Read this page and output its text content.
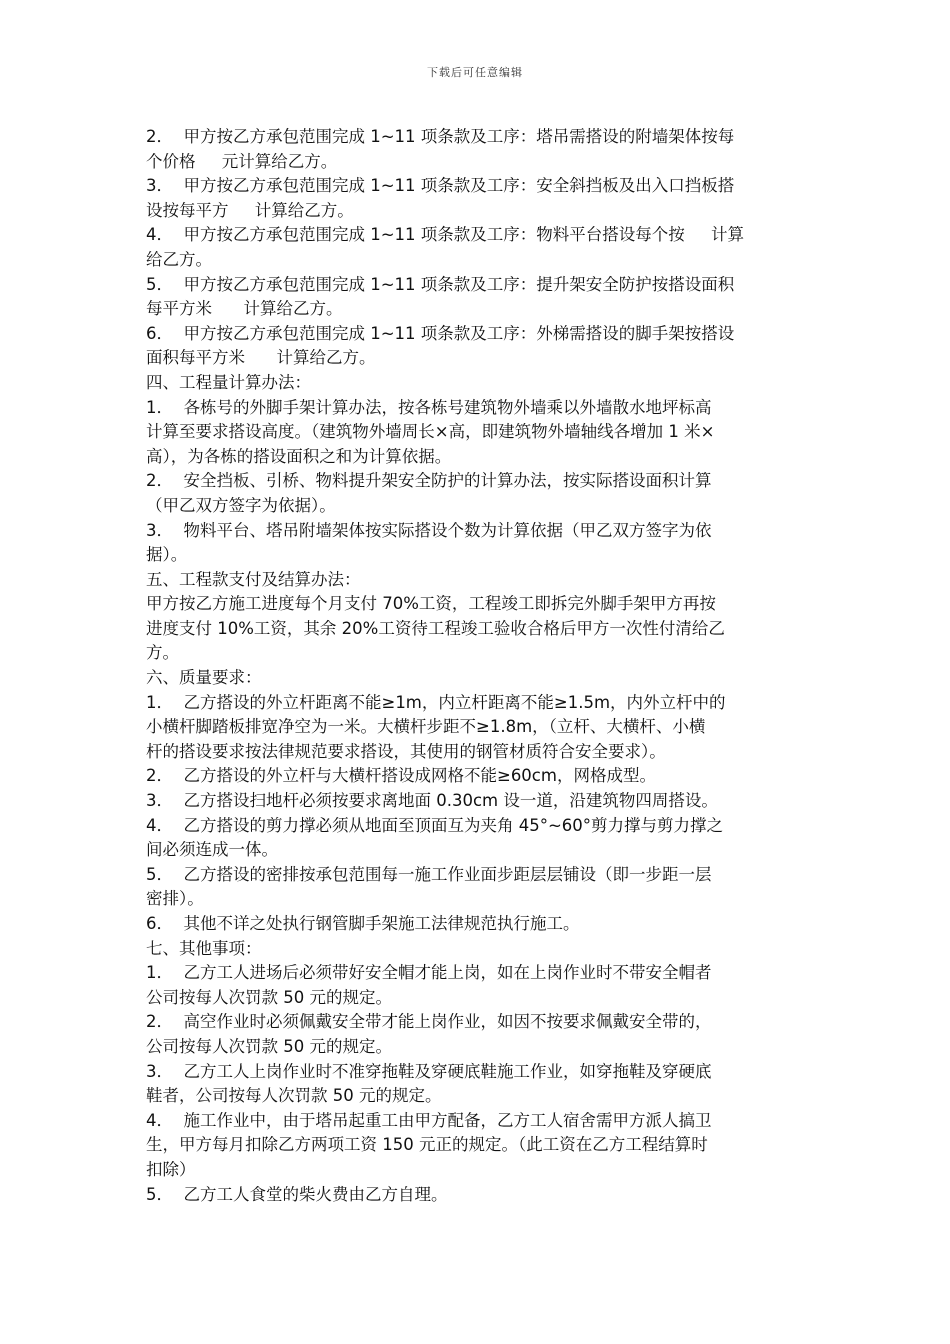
下载后可任意编辑
2．  甲方按乙方承包范围完成 1~11 项条款及工序：塔吊需搭设的附墙架体按每
个价格     元计算给乙方。
3．  甲方按乙方承包范围完成 1~11 项条款及工序：安全斜挡板及出入口挡板搭
设按每平方     计算给乙方。
4．  甲方按乙方承包范围完成 1~11 项条款及工序：物料平台搭设每个按     计算
给乙方。
5．  甲方按乙方承包范围完成 1~11 项条款及工序：提升架安全防护按搭设面积
每平方米      计算给乙方。
6．  甲方按乙方承包范围完成 1~11 项条款及工序：外梯需搭设的脚手架按搭设
面积每平方米      计算给乙方。
四、工程量计算办法：
1．  各栋号的外脚手架计算办法，按各栋号建筑物外墙乘以外墙散水地坪标高
计算至要求搭设高度。（建筑物外墙周长×高，即建筑物外墙轴线各增加 1 米×
高），为各栋的搭设面积之和为计算依据。
2．  安全挡板、引桥、物料提升架安全防护的计算办法，按实际搭设面积计算
（甲乙双方签字为依据）。
3．  物料平台、塔吊附墙架体按实际搭设个数为计算依据（甲乙双方签字为依
据）。
五、工程款支付及结算办法：
甲方按乙方施工进度每个月支付 70%工资，工程竣工即拆完外脚手架甲方再按
进度支付 10%工资，其余 20%工资待工程竣工验收合格后甲方一次性付清给乙
方。
六、质量要求：
1．  乙方搭设的外立杆距离不能≥1m，内立杆距离不能≥1.5m，内外立杆中的
小横杆脚踏板排宽净空为一米。大横杆步距不≥1.8m，（立杆、大横杆、小横
杆的搭设要求按法律规范要求搭设，其使用的钢管材质符合安全要求）。
2．  乙方搭设的外立杆与大横杆搭设成网格不能≥60cm，网格成型。
3．  乙方搭设扫地杆必须按要求离地面 0.30cm 设一道，沿建筑物四周搭设。
4．  乙方搭设的剪力撑必须从地面至顶面互为夹角 45°~60°剪力撑与剪力撑之
间必须连成一体。
5．  乙方搭设的密排按承包范围每一施工作业面步距层层铺设（即一步距一层
密排）。
6．  其他不详之处执行钢管脚手架施工法律规范执行施工。
七、其他事项：
1．  乙方工人进场后必须带好安全帽才能上岗，如在上岗作业时不带安全帽者
公司按每人次罚款 50 元的规定。
2．  高空作业时必须佩戴安全带才能上岗作业，如因不按要求佩戴安全带的，
公司按每人次罚款 50 元的规定。
3．  乙方工人上岗作业时不准穿拖鞋及穿硬底鞋施工作业，如穿拖鞋及穿硬底
鞋者，公司按每人次罚款 50 元的规定。
4．  施工作业中，由于塔吊起重工由甲方配备，乙方工人宿舍需甲方派人搞卫
生，甲方每月扣除乙方两项工资 150 元正的规定。（此工资在乙方工程结算时
扣除）
5．  乙方工人食堂的柴火费由乙方自理。
